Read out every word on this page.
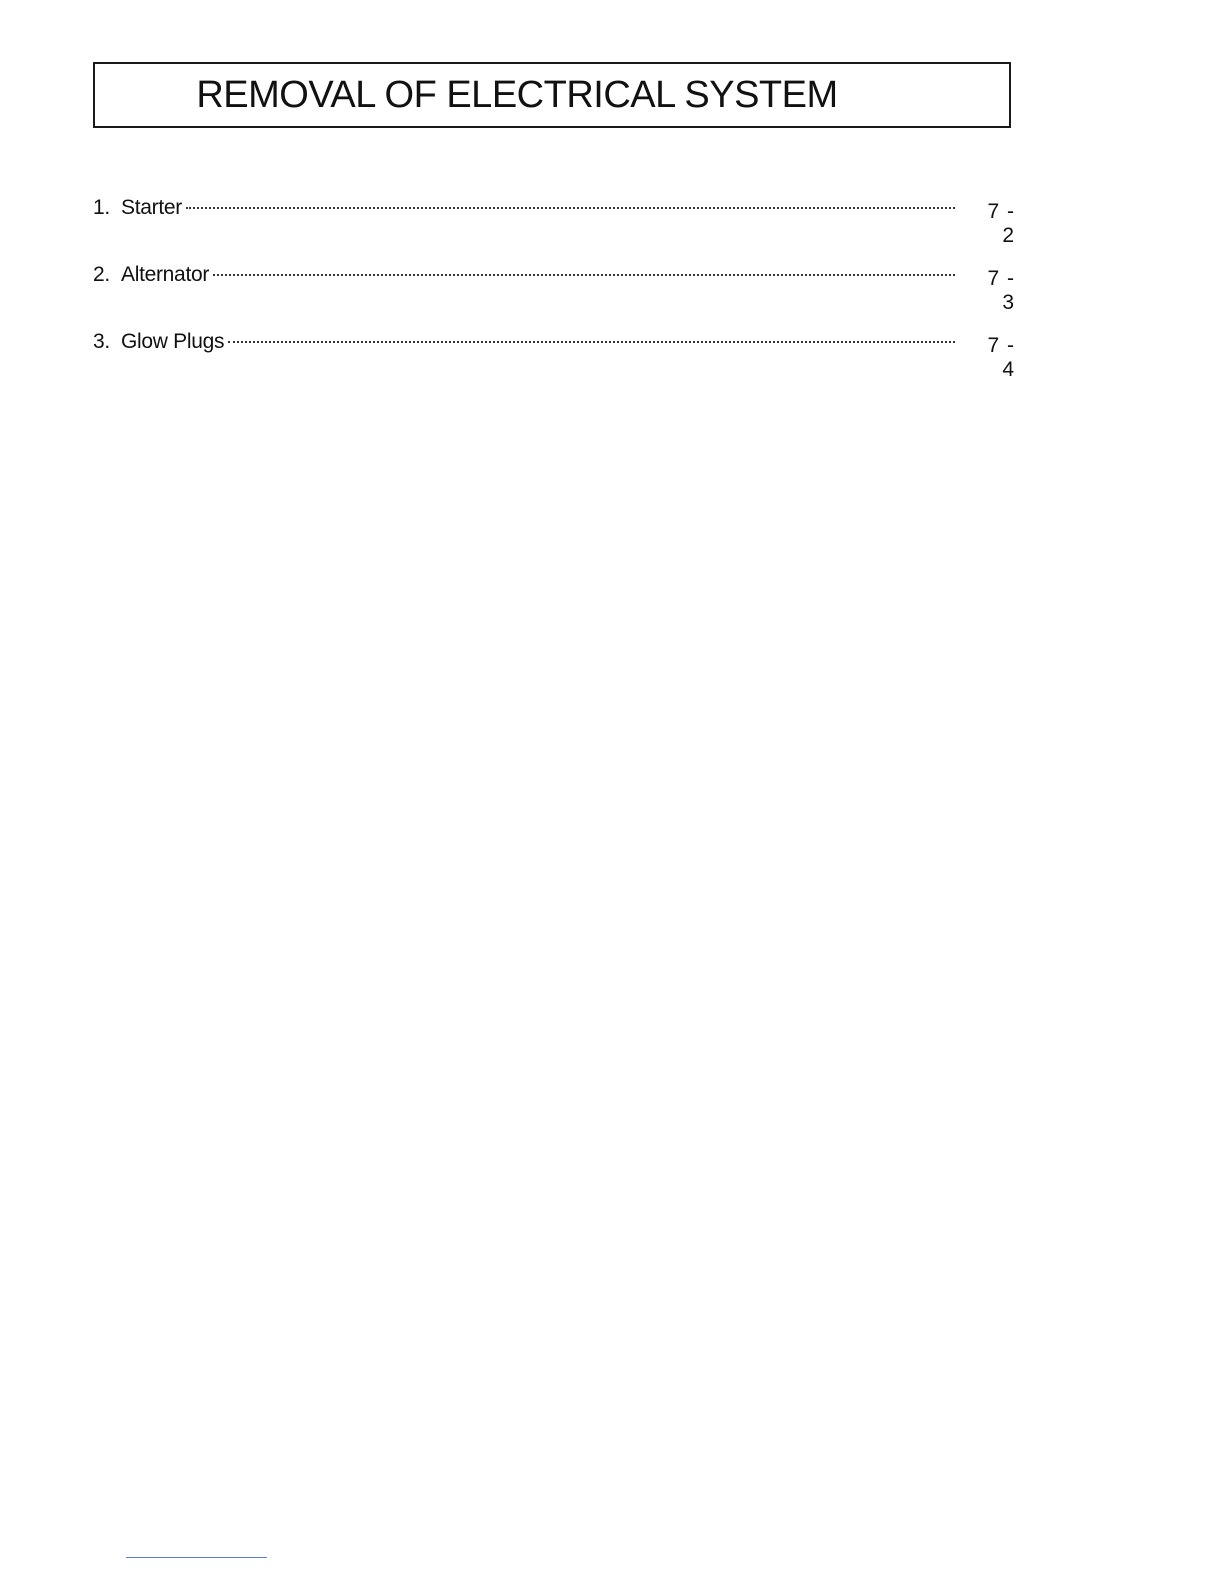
REMOVAL OF ELECTRICAL SYSTEM
1. Starter	7 - 2
2. Alternator	7 - 3
3. Glow Plugs	7 - 4
